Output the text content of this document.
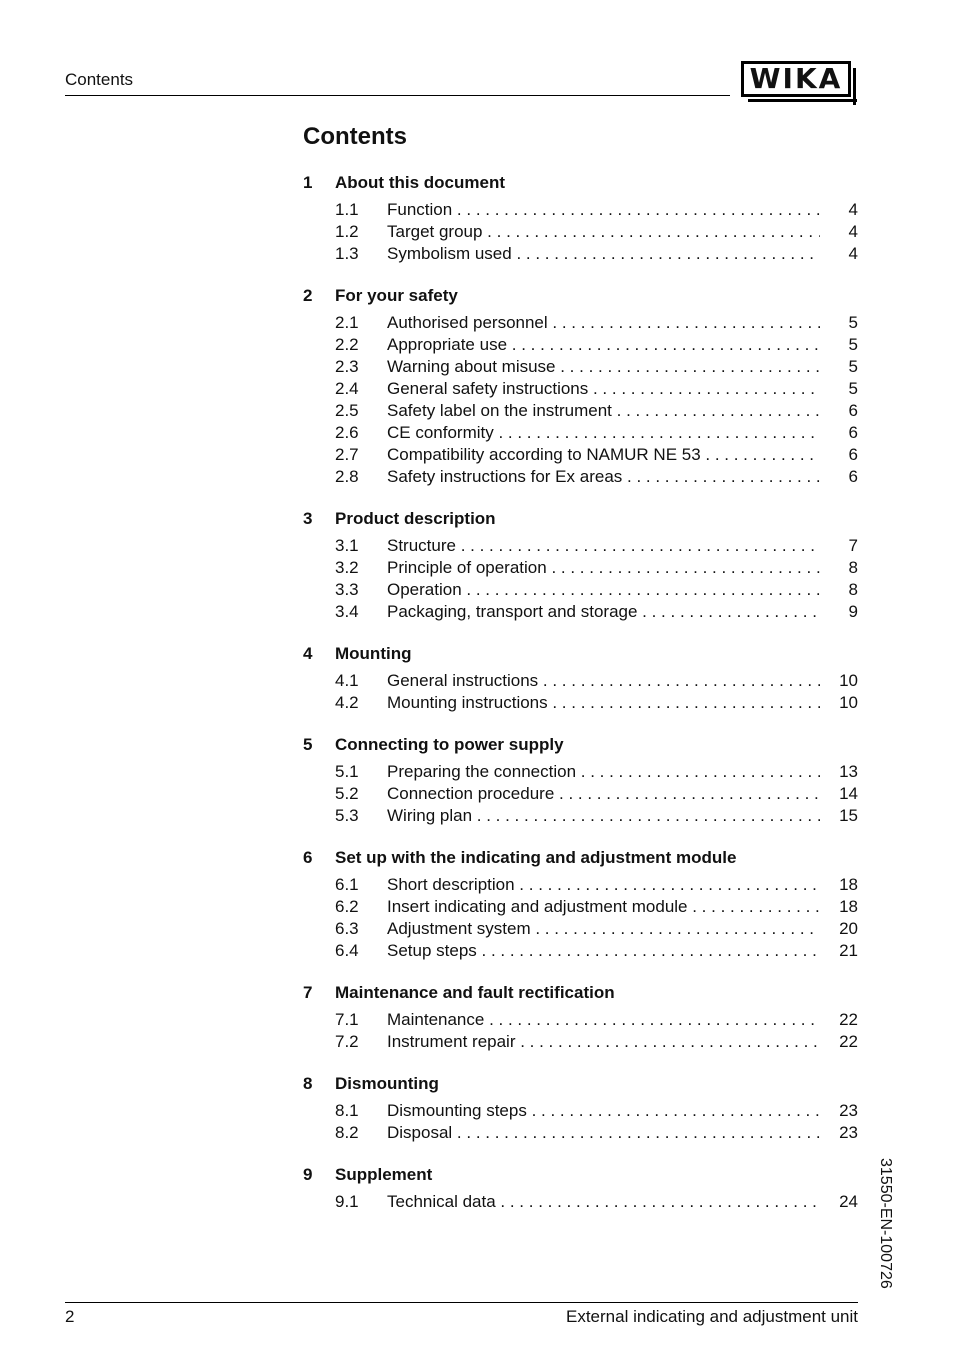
Contents	WIKA
Contents
1	About this document
1.1	Function . . .	4
1.2	Target group . . .	4
1.3	Symbolism used . . .	4
2	For your safety
2.1	Authorised personnel . . .	5
2.2	Appropriate use . . .	5
2.3	Warning about misuse . . .	5
2.4	General safety instructions . . .	5
2.5	Safety label on the instrument . . .	6
2.6	CE conformity . . .	6
2.7	Compatibility according to NAMUR NE 53 . . .	6
2.8	Safety instructions for Ex areas . . .	6
3	Product description
3.1	Structure . . .	7
3.2	Principle of operation . . .	8
3.3	Operation . . .	8
3.4	Packaging, transport and storage . . .	9
4	Mounting
4.1	General instructions . . .	10
4.2	Mounting instructions . . .	10
5	Connecting to power supply
5.1	Preparing the connection . . .	13
5.2	Connection procedure . . .	14
5.3	Wiring plan . . .	15
6	Set up with the indicating and adjustment module
6.1	Short description . . .	18
6.2	Insert indicating and adjustment module . . .	18
6.3	Adjustment system . . .	20
6.4	Setup steps . . .	21
7	Maintenance and fault rectification
7.1	Maintenance . . .	22
7.2	Instrument repair . . .	22
8	Dismounting
8.1	Dismounting steps . . .	23
8.2	Disposal . . .	23
9	Supplement
9.1	Technical data . . .	24 31550-EN-100726
2	External indicating and adjustment unit
